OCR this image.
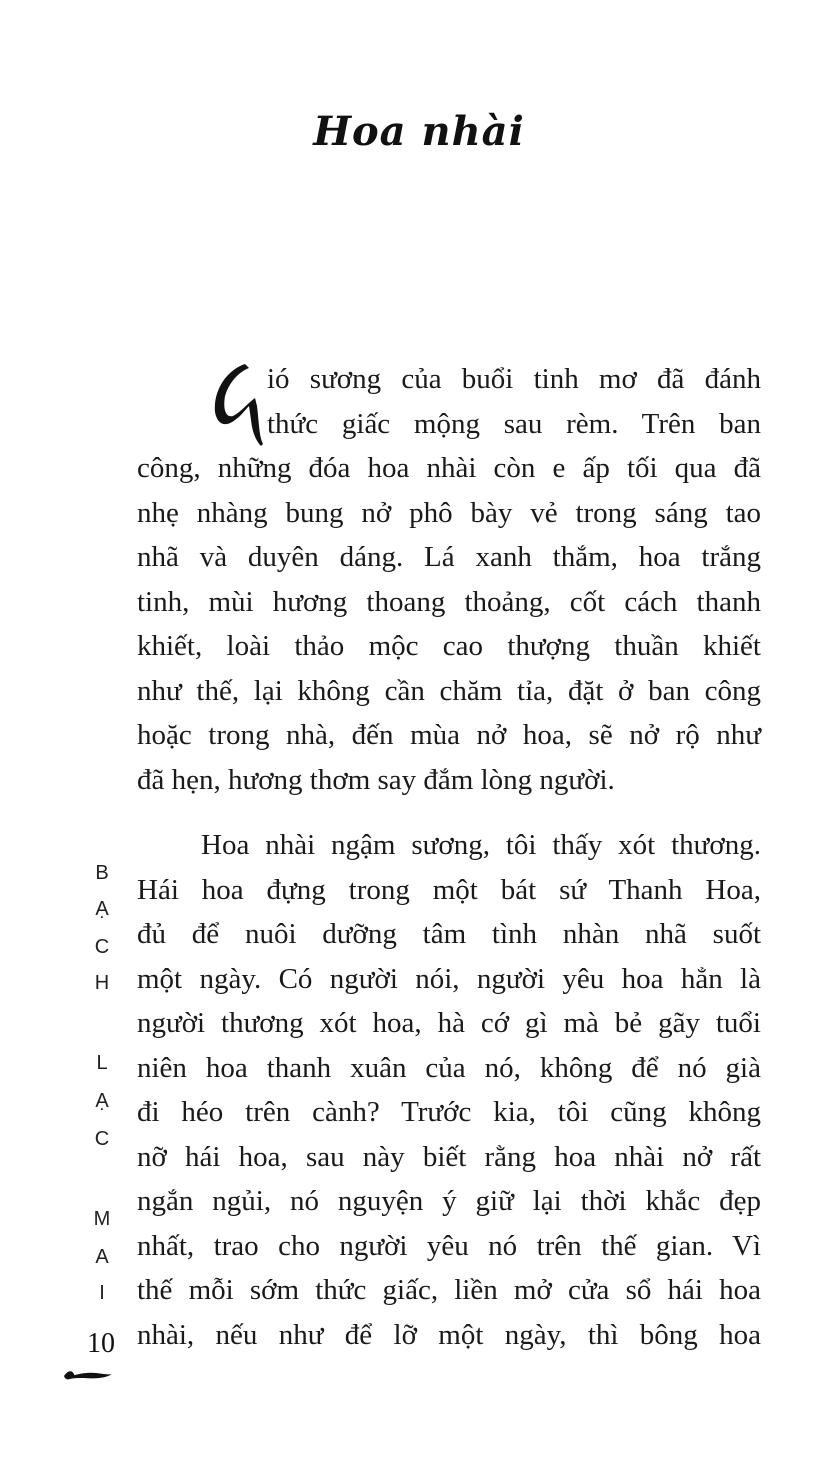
Hoa nhài
ió sương của buổi tinh mơ đã đánh
thức giấc mộng sau rèm. Trên ban
công, những đóa hoa nhài còn e ấp tối qua đã
nhẹ nhàng bung nở phô bày vẻ trong sáng tao
nhã và duyên dáng. Lá xanh thắm, hoa trắng
tinh, mùi hương thoang thoảng, cốt cách thanh
khiết, loài thảo mộc cao thượng thuần khiết
như thế, lại không cần chăm tỉa, đặt ở ban công
hoặc trong nhà, đến mùa nở hoa, sẽ nở rộ như
đã hẹn, hương thơm say đắm lòng người.
Hoa nhài ngậm sương, tôi thấy xót thương.
Hái hoa đựng trong một bát sứ Thanh Hoa,
đủ để nuôi dưỡng tâm tình nhàn nhã suốt
một ngày. Có người nói, người yêu hoa hẳn là
người thương xót hoa, hà cớ gì mà bẻ gãy tuổi
niên hoa thanh xuân của nó, không để nó già
đi héo trên cành? Trước kia, tôi cũng không
nỡ hái hoa, sau này biết rằng hoa nhài nở rất
ngắn ngủi, nó nguyện ý giữ lại thời khắc đẹp
nhất, trao cho người yêu nó trên thế gian. Vì
thế mỗi sớm thức giấc, liền mở cửa sổ hái hoa
nhài, nếu như để lỡ một ngày, thì bông hoa
B
Ạ
C
H
L
Ạ
C
M
A
I
10
